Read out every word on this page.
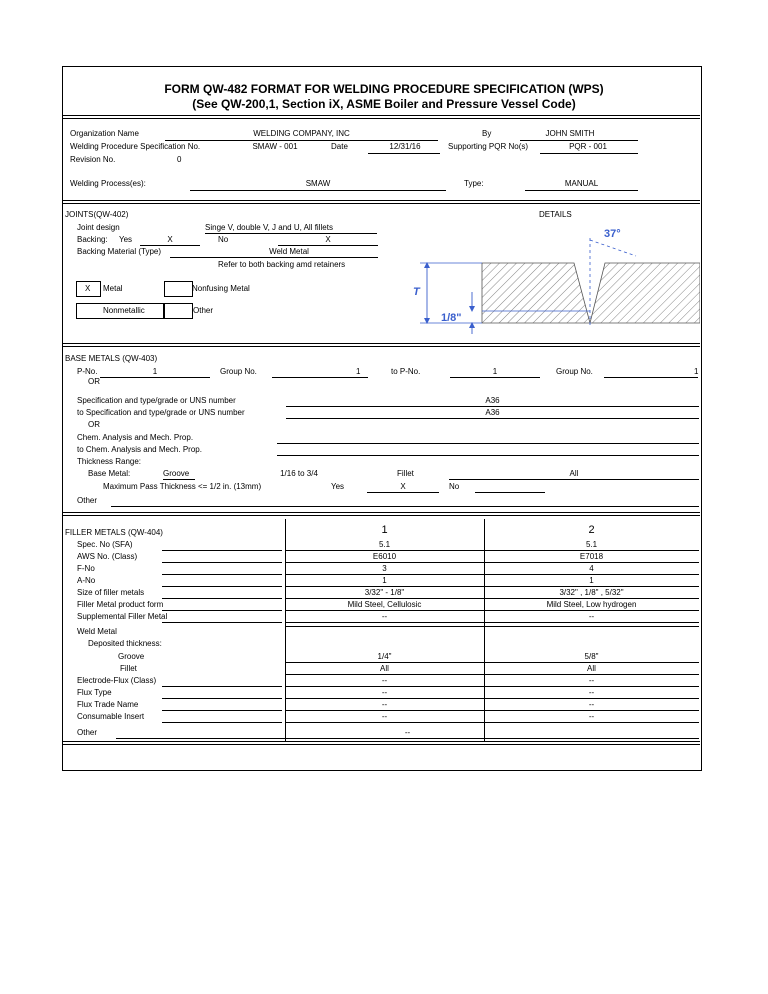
FORM QW-482 FORMAT FOR WELDING PROCEDURE SPECIFICATION (WPS)
(See QW-200,1, Section iX, ASME Boiler and Pressure Vessel Code)
Organization Name	WELDING COMPANY, INC	By	JOHN SMITH
Welding Procedure Specification No.	SMAW - 001	Date	12/31/16	Supporting PQR No(s)	PQR - 001
Revision No.	0
Welding Process(es):	SMAW	Type:	MANUAL
JOINTS(QW-402)	DETAILS
Joint design	Singe V, double V, J and U, All fillets
Backing: Yes	X	No	X
Backing Material (Type)	Weld Metal
Refer to both backing amd retainers
X Metal	Nonfusing Metal
Nonmetallic	Other
37°
T
1/8"
BASE METALS (QW-403)
P-No.	1	Group No.	1	to P-No.	1	Group No.	1
OR
Specification and type/grade or UNS number	A36
to Specification and type/grade or UNS number	A36
OR
Chem. Analysis and Mech. Prop.
to Chem. Analysis and Mech. Prop.
Thickness Range:
Base Metal:	Groove	1/16 to 3/4	Fillet	All
Maximum Pass Thickness <= 1/2 in. (13mm)	Yes	X	No
Other
FILLER METALS (QW-404)	1	2
Spec. No (SFA)	5.1	5.1
AWS No. (Class)	E6010	E7018
F-No	3	4
A-No	1	1
Size of filler metals	3/32" - 1/8"	3/32" , 1/8" , 5/32"
Filler Metal product form	Mild Steel, Cellulosic	Mild Steel, Low hydrogen
Supplemental Filler Metal	--	--
Weld Metal
Deposited thickness:
Groove	1/4"	5/8"
Fillet	All	All
Electrode-Flux (Class)	--	--
Flux Type	--	--
Flux Trade Name	--	--
Consumable Insert	--	--
Other	--
